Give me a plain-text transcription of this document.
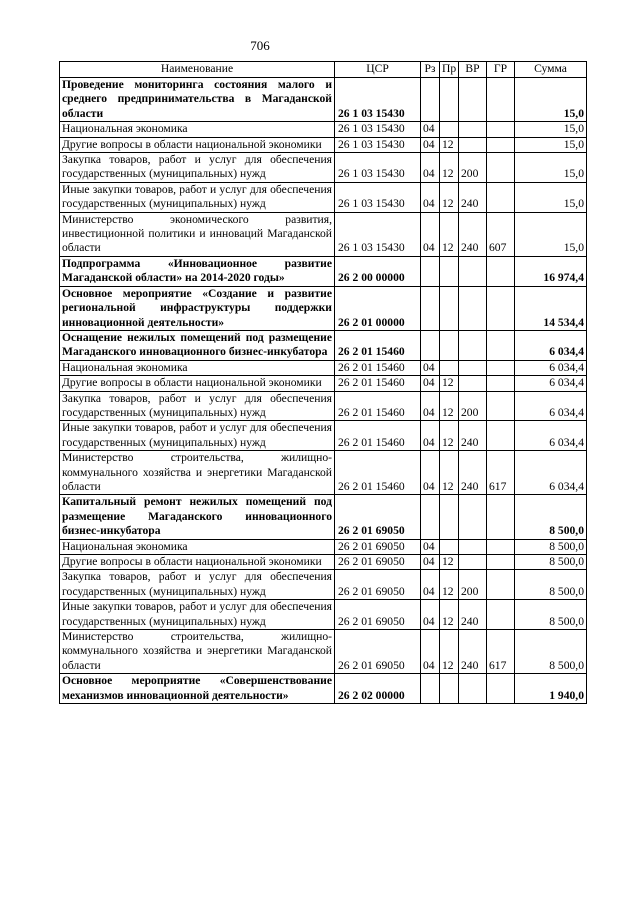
706
Наименование	ЦСР	Рз	Пр	ВР	ГР	Сумма
Проведение мониторинга состояния малого и среднего предпринимательства в Магаданской области	26 1 03 15430					15,0
Национальная экономика	26 1 03 15430	04				15,0
Другие вопросы в области национальной экономики	26 1 03 15430	04	12			15,0
Закупка товаров, работ и услуг для обеспечения государственных (муниципальных) нужд	26 1 03 15430	04	12	200		15,0
Иные закупки товаров, работ и услуг для обеспечения государственных (муниципальных) нужд	26 1 03 15430	04	12	240		15,0
Министерство экономического развития, инвестиционной политики и инноваций Магаданской области	26 1 03 15430	04	12	240	607	15,0
Подпрограмма «Инновационное развитие Магаданской области» на 2014-2020 годы»	26 2 00 00000					16 974,4
Основное мероприятие «Создание и развитие региональной инфраструктуры поддержки инновационной деятельности»	26 2 01 00000					14 534,4
Оснащение нежилых помещений под размещение Магаданского инновационного бизнес-инкубатора	26 2 01 15460					6 034,4
Национальная экономика	26 2 01 15460	04				6 034,4
Другие вопросы в области национальной экономики	26 2 01 15460	04	12			6 034,4
Закупка товаров, работ и услуг для обеспечения государственных (муниципальных) нужд	26 2 01 15460	04	12	200		6 034,4
Иные закупки товаров, работ и услуг для обеспечения государственных (муниципальных) нужд	26 2 01 15460	04	12	240		6 034,4
Министерство строительства, жилищно-коммунального хозяйства и энергетики Магаданской области	26 2 01 15460	04	12	240	617	6 034,4
Капитальный ремонт нежилых помещений под размещение Магаданского инновационного бизнес-инкубатора	26 2 01 69050					8 500,0
Национальная экономика	26 2 01 69050	04				8 500,0
Другие вопросы в области национальной экономики	26 2 01 69050	04	12			8 500,0
Закупка товаров, работ и услуг для обеспечения государственных (муниципальных) нужд	26 2 01 69050	04	12	200		8 500,0
Иные закупки товаров, работ и услуг для обеспечения государственных (муниципальных) нужд	26 2 01 69050	04	12	240		8 500,0
Министерство строительства, жилищно-коммунального хозяйства и энергетики Магаданской области	26 2 01 69050	04	12	240	617	8 500,0
Основное мероприятие «Совершенствование механизмов инновационной деятельности»	26 2 02 00000					1 940,0
